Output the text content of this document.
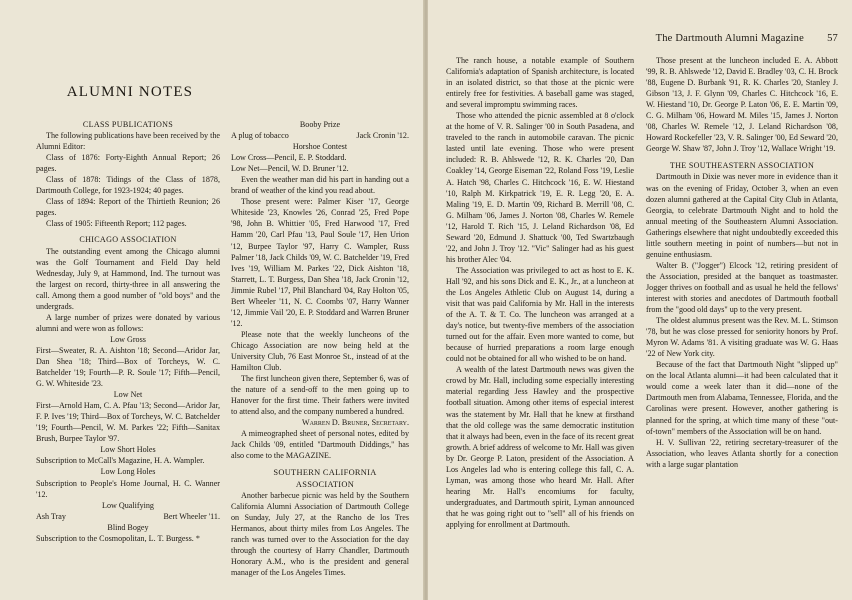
ALUMNI NOTES

CLASS PUBLICATIONS

The following publications have been received by the Alumni Editor:

Class of 1876: Forty-Eighth Annual Report; 26 pages.

Class of 1878: Tidings of the Class of 1878, Dartmouth College, for 1923-1924; 40 pages.

Class of 1894: Report of the Thirtieth Reunion; 26 pages.

Class of 1905: Fifteenth Report; 112 pages.

CHICAGO ASSOCIATION

The outstanding event among the Chicago alumni was the Golf Tournament and Field Day held Wednesday, July 9, at Hammond, Ind. The turnout was the largest on record, thirty-three in all answering the call. Among them a good number of "old boys" and the undergrads.

A large number of prizes were donated by various alumni and were won as follows:

Low Gross

First—Sweater, R. A. Aishton '18; Second—Aridor Jar, Dan Shea '18; Third—Box of Torcheys, W. C. Batchelder '19; Fourth—P. R. Soule '17; Fifth—Pencil, G. W. Whiteside '23.

Low Net

First—Arnold Ham, C. A. Pfau '13; Second—Aridor Jar, F. P. Ives '19; Third—Box of Torcheys, W. C. Batchelder '19; Fourth—Pencil, W. M. Parkes '22; Fifth—Sanitax Brush, Burpee Taylor '97.

Low Short Holes

Subscription to McCall's Magazine, H. A. Wampler.

Low Long Holes

Subscription to People's Home Journal, H. C. Wanner '12.

Low Qualifying

Ash Tray	Bert Wheeler '11.

Blind Bogey

Subscription to the Cosmopolitan, L. T. Burgess. *

Booby Prize

A plug of tobacco	Jack Cronin '12.

Horshoe Contest

Low Cross—Pencil, E. P. Stoddard.

Low Net—Pencil, W. D. Bruner '12.

Even the weather man did his part in handing out a brand of weather of the kind you read about.

Those present were: Palmer Kiser '17, George Whiteside '23, Knowles '26, Conrad '25, Fred Pope '98, John B. Whittier '05, Fred Harwood '17, Fred Hamm '20, Carl Pfau '13, Paul Soule '17, Hen Urion '12, Burpee Taylor '97, Harry C. Wampler, Russ Palmer '18, Jack Childs '09, W. C. Batchelder '19, Fred Ives '19, William M. Parkes '22, Dick Aishton '18, Starrett, L. T. Burgess, Dan Shea '18, Jack Cronin '12, Jimmie Rubel '17, Phil Blanchard '04, Ray Holton '05, Bert Wheeler '11, N. C. Coombs '07, Harry Wanner '12, Jimmie Vail '20, E. P. Stoddard and Warren Bruner '12.

Please note that the weekly luncheons of the Chicago Association are now being held at the University Club, 76 East Monroe St., instead of at the Hamilton Club.

The first luncheon given there, September 6, was of the nature of a send-off to the men going up to Hanover for the first time. Their fathers were invited to attend also, and the company numbered a hundred.

Warren D. Bruner, Secretary.

A mimeographed sheet of personal notes, edited by Jack Childs '09, entitled "Dartmouth Diddings," has also come to the MAGAZINE.

SOUTHERN CALIFORNIA

ASSOCIATION

Another barbecue picnic was held by the Southern California Alumni Association of Dartmouth College on Sunday, July 27, at the Rancho de los Tres Hermanos, about thirty miles from Los Angeles. The ranch was turned over to the Association for the day through the courtesy of Harry Chandler, Dartmouth Honorary A.M., who is the president and general manager of the Los Angeles Times.

The Dartmouth Alumni Magazine 57

The ranch house, a notable example of Southern California's adaptation of Spanish architecture, is located in an isolated district, so that those at the picnic were entirely free for festivities. A baseball game was staged, and several impromptu swimming races.

Those who attended the picnic assembled at 8 o'clock at the home of V. R. Salinger '00 in South Pasadena, and traveled to the ranch in automobile caravan. The picnic lasted until late evening. Those who were present included: R. B. Ahlswede '12, R. K. Charles '20, Dan Coakley '14, George Eiseman '22, Roland Foss '19, Leslie A. Hatch '98, Charles C. Hitchcock '16, E. W. Hiestand '10, Ralph M. Kirkpatrick '19, E. R. Legg '20, E. A. Maling '19, E. D. Martin '09, Richard B. Merrill '08, C. G. Milham '06, James J. Norton '08, Charles W. Remele '12, Harold T. Rich '15, J. Leland Richardson '08, Ed Seward '20, Edmund J. Shattuck '00, Ted Swartzbaugh '22, and John J. Troy '12. "Vic" Salinger had as his guest his brother Alec '04.

The Association was privileged to act as host to E. K. Hall '92, and his sons Dick and E. K., Jr., at a luncheon at the Los Angeles Athletic Club on August 14, during a visit that was paid California by Mr. Hall in the interests of the A. T. & T. Co. The luncheon was arranged at a day's notice, but twenty-five members of the association turned out for the affair. Even more wanted to come, but because of hurried preparations a room large enough could not be obtained for all who wished to be on hand.

A wealth of the latest Dartmouth news was given the crowd by Mr. Hall, including some especially interesting material regarding Jess Hawley and the prospective football situation. Among other items of especial interest was the statement by Mr. Hall that he knew at firsthand that the old college was the same democratic institution that it always had been, even in the face of its recent great growth. A brief address of welcome to Mr. Hall was given by Dr. George P. Laton, president of the Association. A Los Angeles lad who is entering college this fall, C. A. Lyman, was among those who heard Mr. Hall. After hearing Mr. Hall's encomiums for faculty, undergraduates, and Dartmouth spirit, Lyman announced that he was going right out to "sell" all of his friends on applying for enrollment at Dartmouth.

Those present at the luncheon included E. A. Abbott '99, R. B. Ahlswede '12, David E. Bradley '03, C. H. Brock '88, Eugene D. Burbank '91, R. K. Charles '20, Stanley J. Gibson '13, J. F. Glynn '09, Charles C. Hitchcock '16, E. W. Hiestand '10, Dr. George P. Laton '06, E. E. Martin '09, C. G. Milham '06, Howard M. Miles '15, James J. Norton '08, Charles W. Remele '12, J. Leland Richardson '08, Howard Rockefeller '23, V. R. Salinger '00, Ed Seward '20, George W. Shaw '87, John J. Troy '12, Wallace Wright '19.

THE SOUTHEASTERN ASSOCIATION

Dartmouth in Dixie was never more in evidence than it was on the evening of Friday, October 3, when an even dozen alumni gathered at the Capital City Club in Atlanta, Georgia, to celebrate Dartmouth Night and to hold the annual meeting of the Southeastern Alumni Association. Gatherings elsewhere that night undoubtedly exceeded this little southern meeting in point of numbers—but not in genuine enthusiasm.

Walter B. ("Jogger") Elcock '12, retiring president of the Association, presided at the banquet as toastmaster. Jogger thrives on football and as usual he held the fellows' interest with stories and anecdotes of Dartmouth football from the "good old days" up to the very present.

The oldest alumnus present was the Rev. M. L. Stimson '78, but he was close pressed for seniority honors by Prof. Myron W. Adams '81. A visiting graduate was W. G. Haas '22 of New York city.

Because of the fact that Dartmouth Night "slipped up" on the local Atlanta alumni—it had been calculated that it would come a week later than it did—none of the Dartmouth men from Alabama, Tennessee, Florida, and the Carolinas were present. However, another gathering is planned for the spring, at which time many of these "out-of-town" members of the Association will be on hand.

H. V. Sullivan '22, retiring secretary-treasurer of the Association, who leaves Atlanta shortly for a conection with a large sugar plantation
